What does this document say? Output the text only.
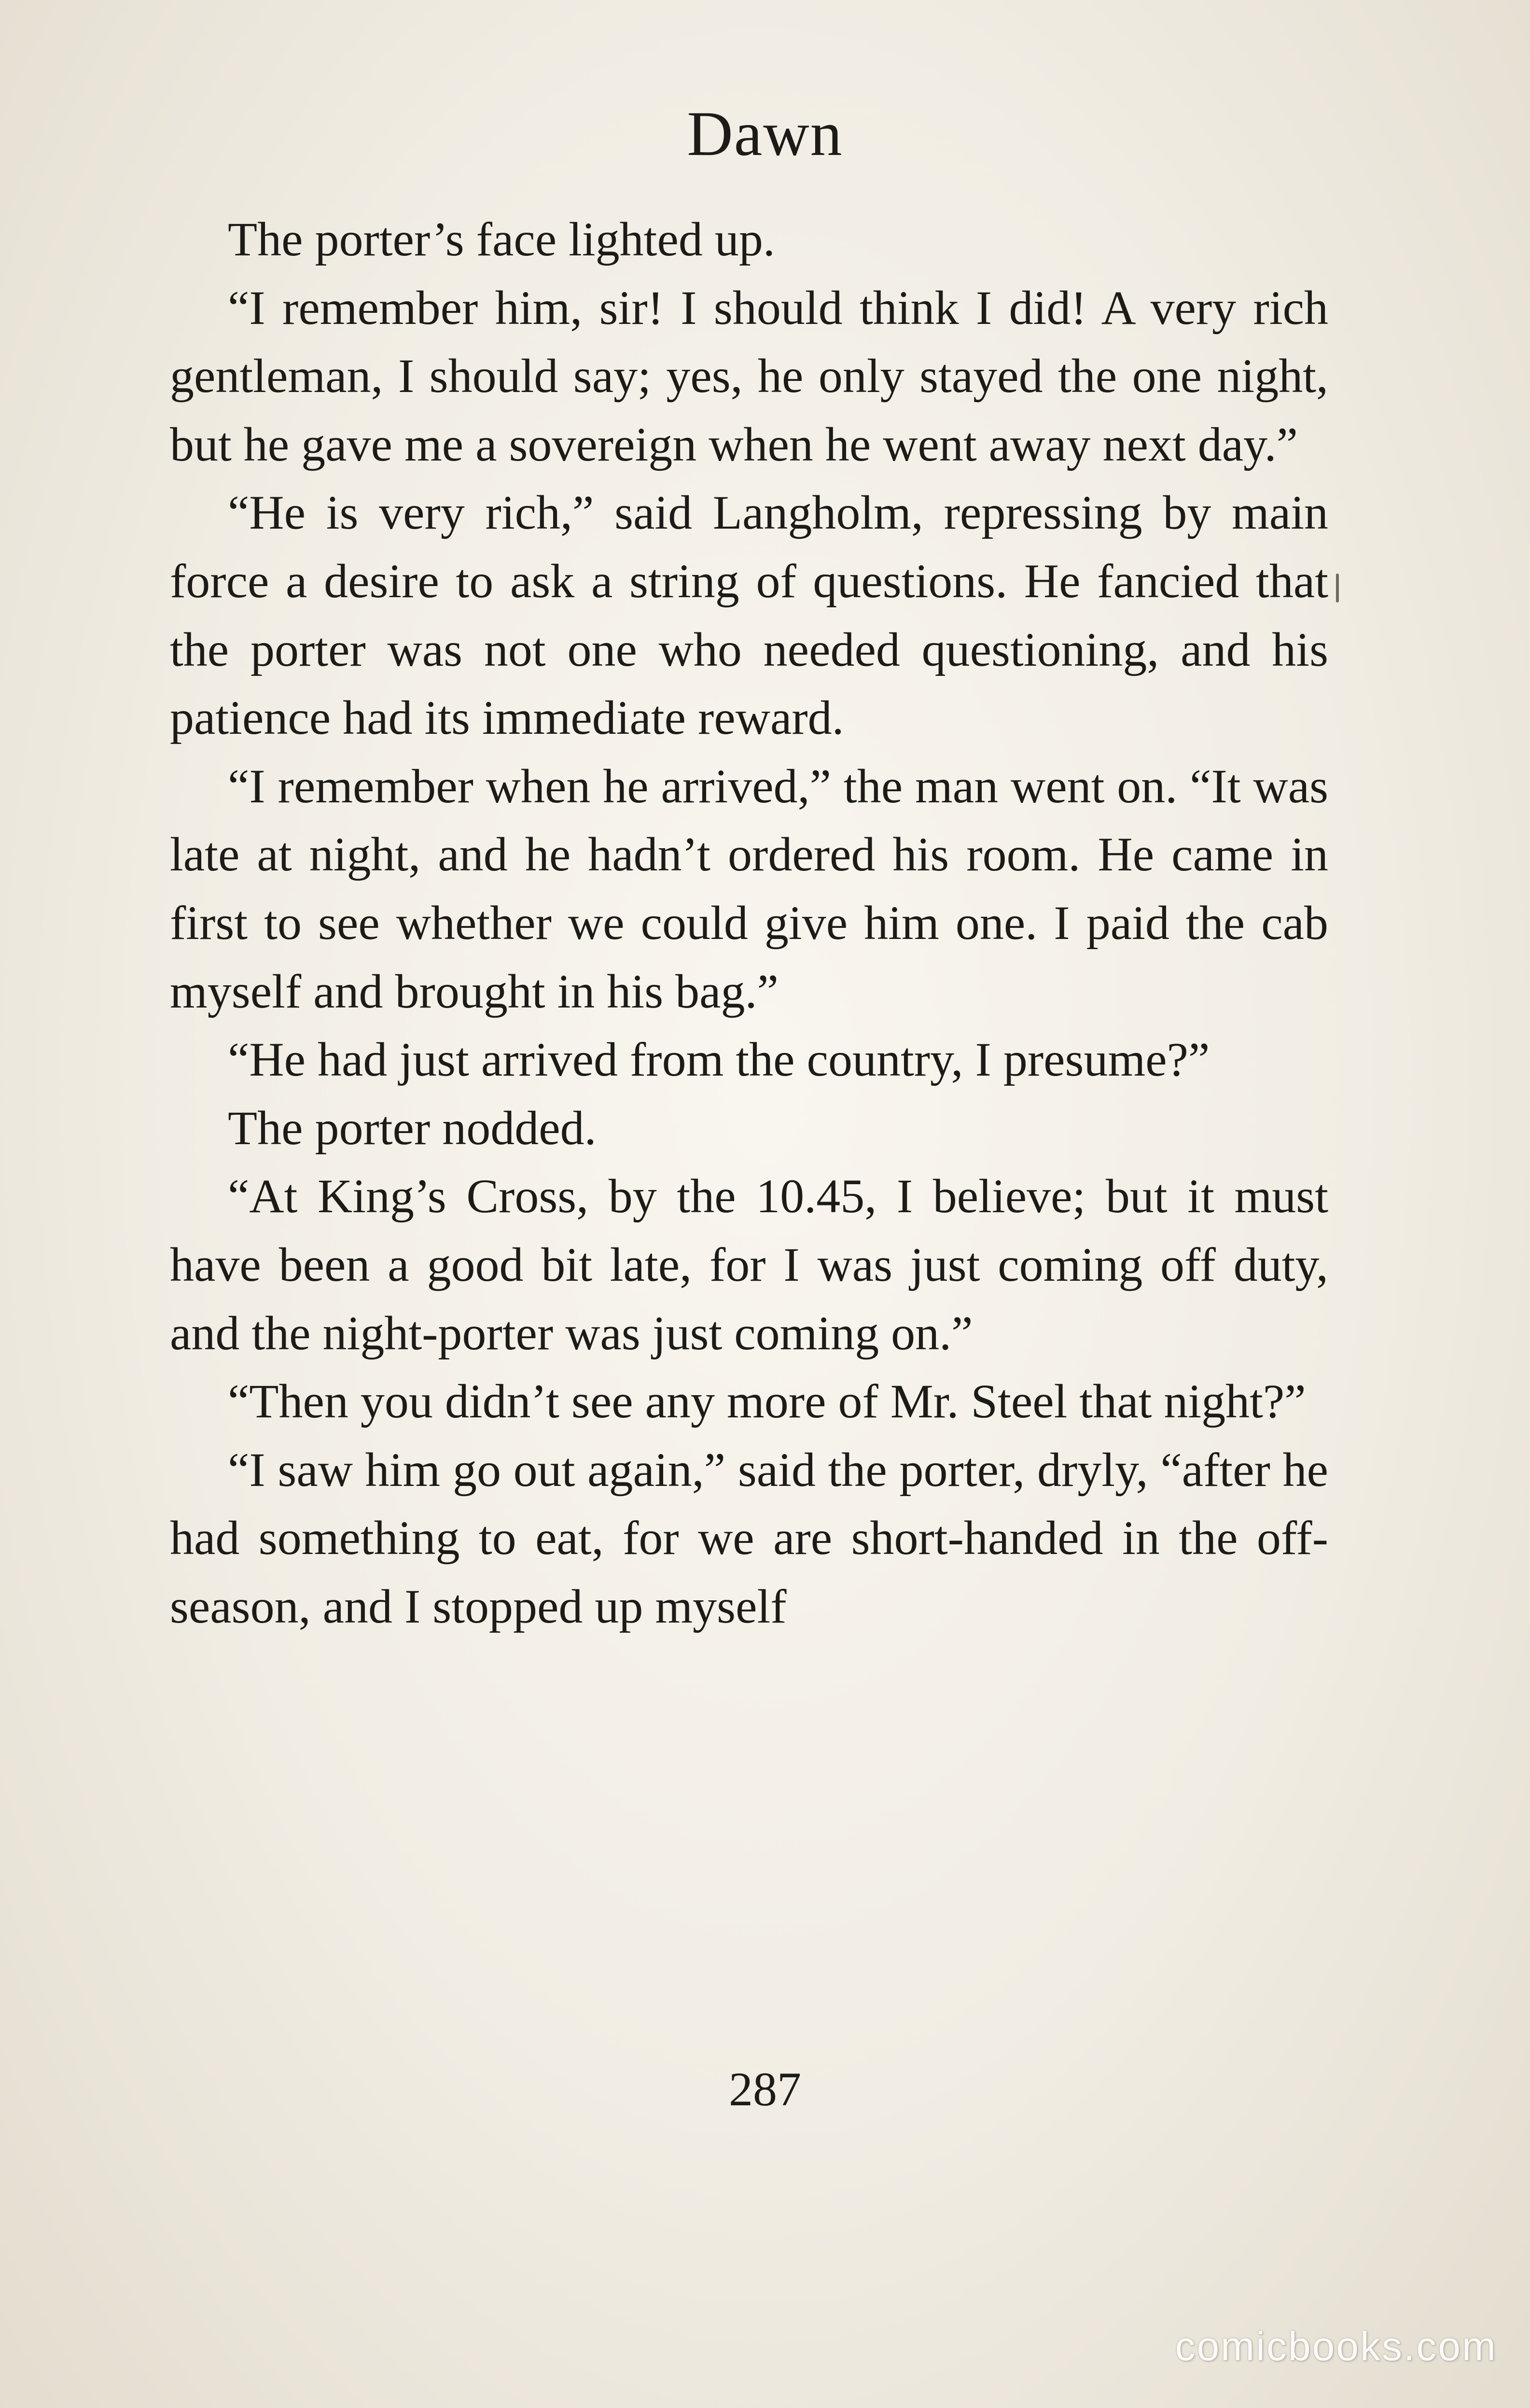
Dawn

The porter’s face lighted up.

“I remember him, sir! I should think I did! A very rich gentleman, I should say; yes, he only stayed the one night, but he gave me a sovereign when he went away next day.”

“He is very rich,” said Langholm, repressing by main force a desire to ask a string of questions. He fancied that the porter was not one who needed questioning, and his patience had its immediate reward.

“I remember when he arrived,” the man went on. “It was late at night, and he hadn’t ordered his room. He came in first to see whether we could give him one. I paid the cab myself and brought in his bag.”

“He had just arrived from the country, I presume?”

The porter nodded.

“At King’s Cross, by the 10.45, I believe; but it must have been a good bit late, for I was just coming off duty, and the night-porter was just coming on.”

“Then you didn’t see any more of Mr. Steel that night?”

“I saw him go out again,” said the porter, dryly, “after he had something to eat, for we are short-handed in the off-season, and I stopped up myself

287
comicbooks.com
